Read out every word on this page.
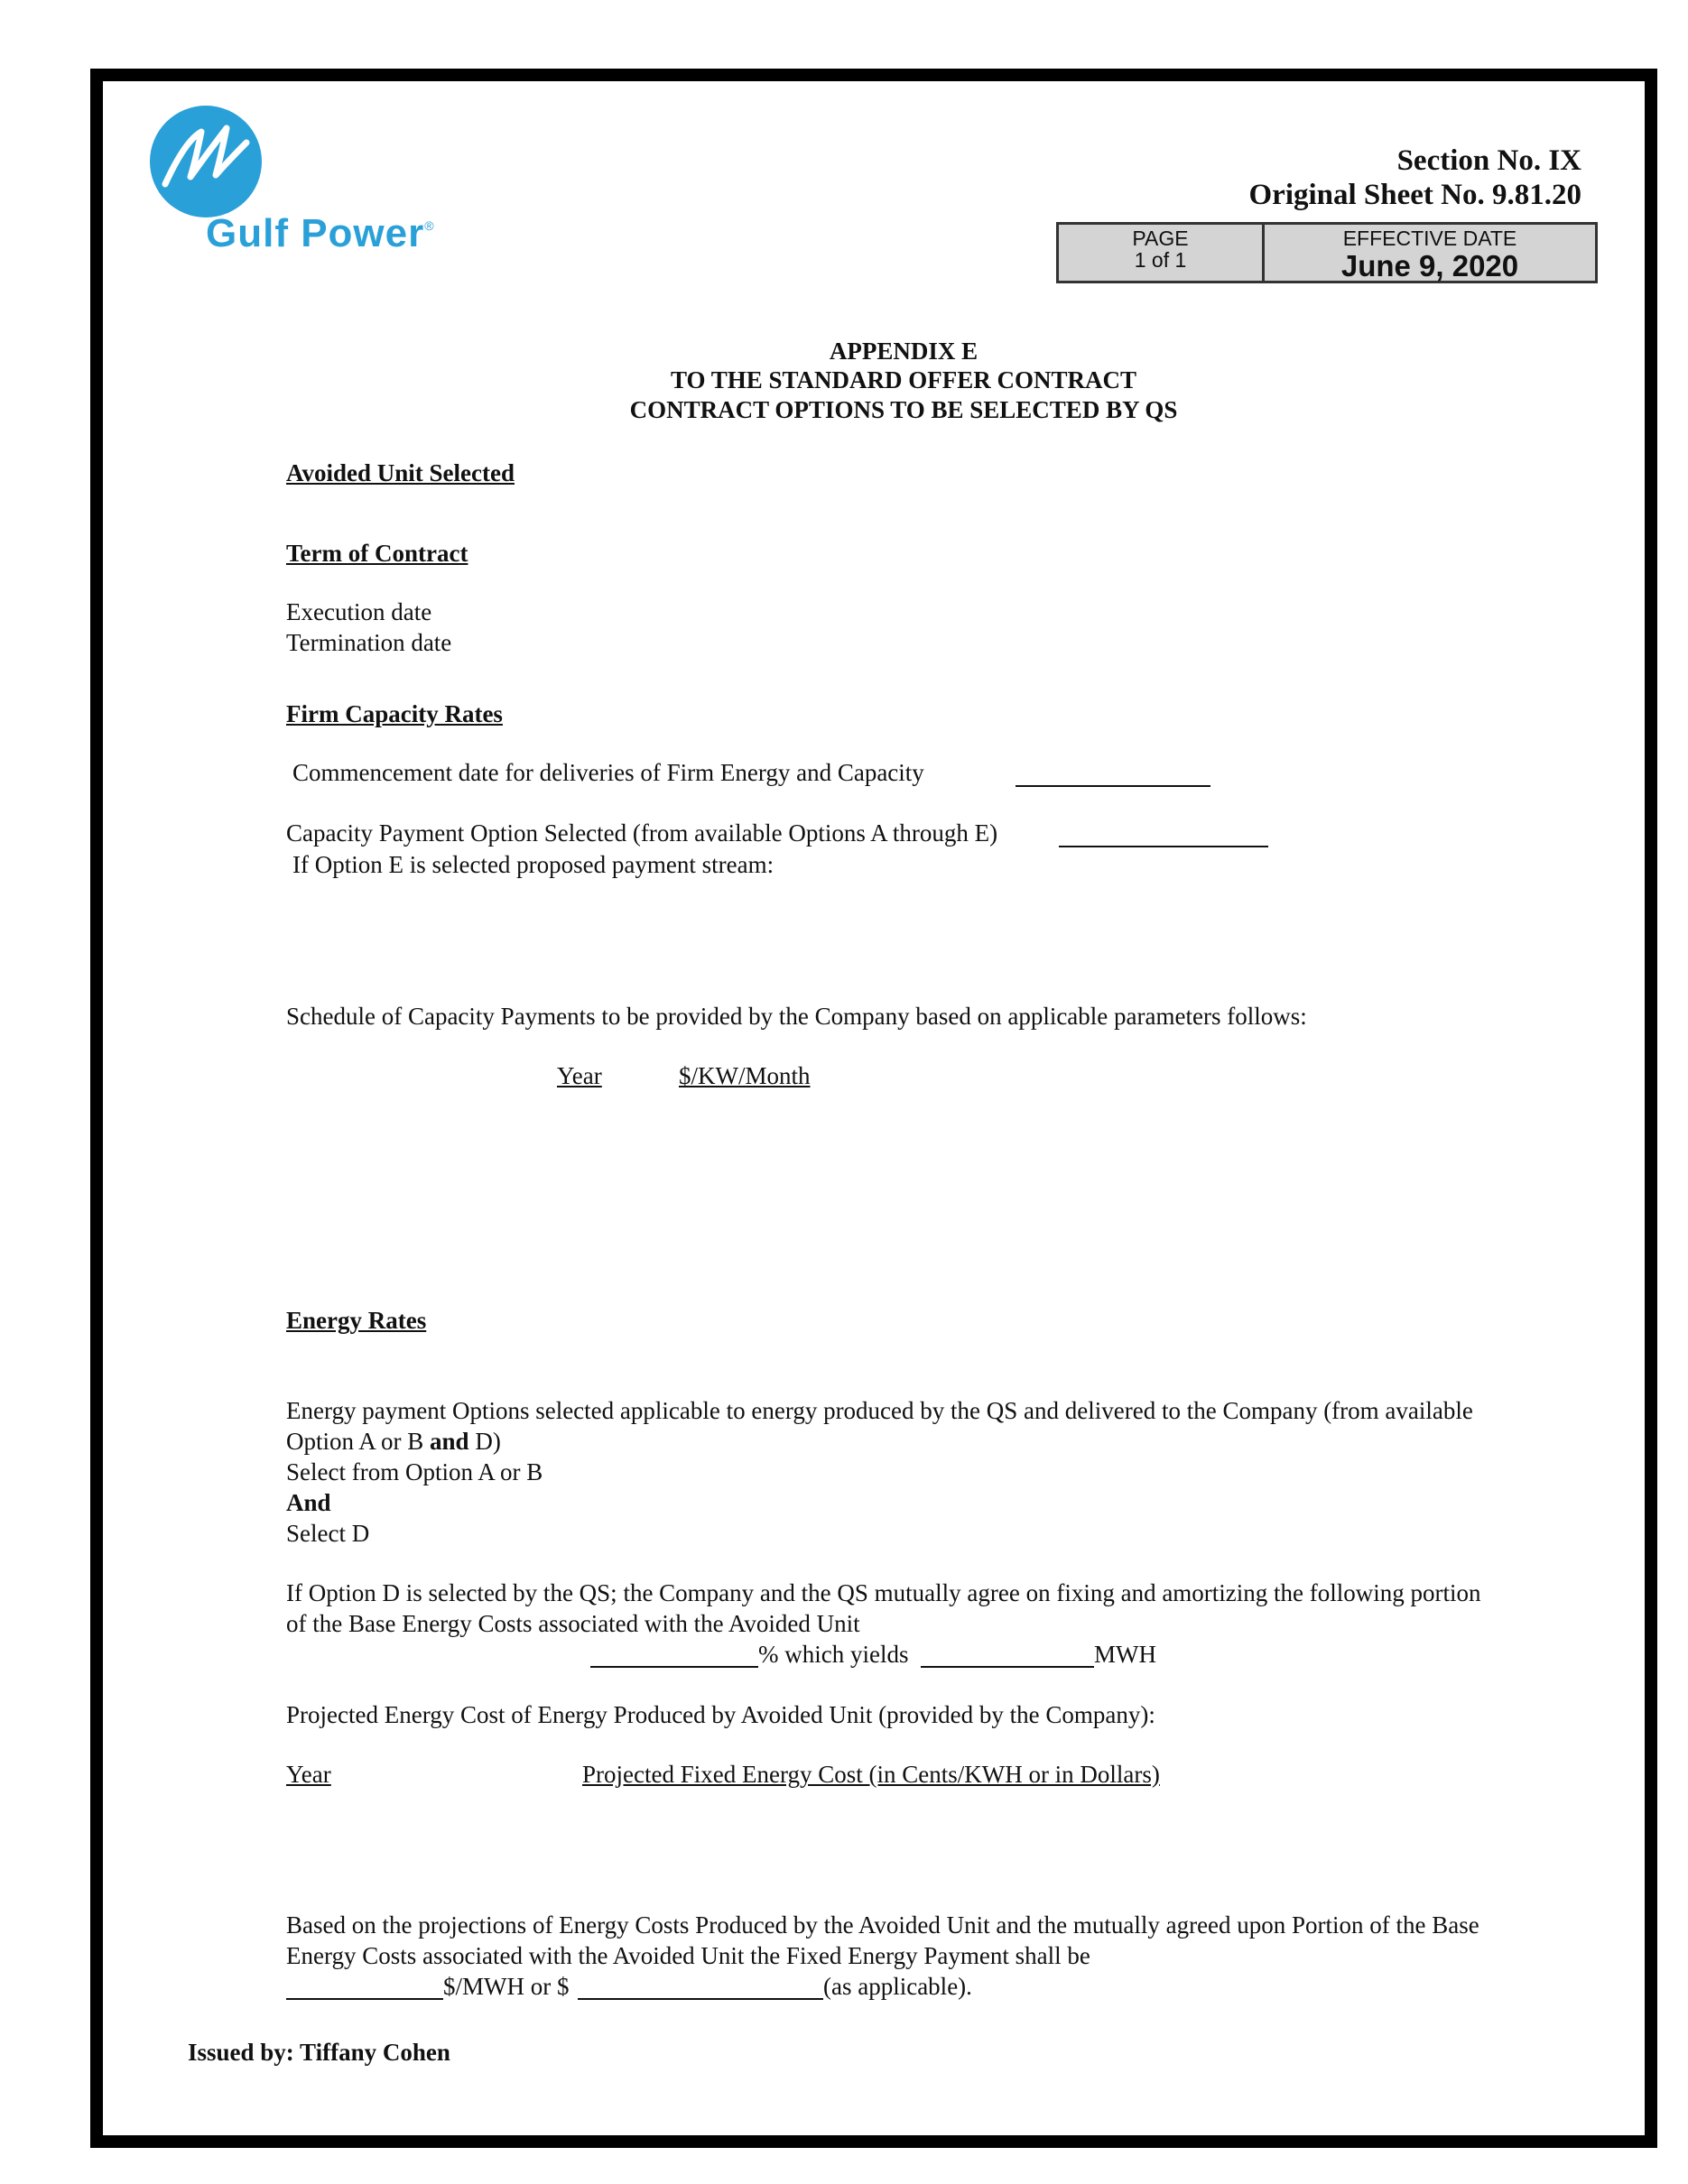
Gulf Power®
Section No. IX
Original Sheet No. 9.81.20
PAGE
1 of 1
EFFECTIVE DATE
June 9, 2020
APPENDIX E
TO THE STANDARD OFFER CONTRACT
CONTRACT OPTIONS TO BE SELECTED BY QS
Avoided Unit Selected
Term of Contract
Execution date
Termination date
Firm Capacity Rates
Commencement date for deliveries of Firm Energy and Capacity
Capacity Payment Option Selected (from available Options A through E)
If Option E is selected proposed payment stream:
Schedule of Capacity Payments to be provided by the Company based on applicable parameters follows:
Year	$/KW/Month
Energy Rates
Energy payment Options selected applicable to energy produced by the QS and delivered to the Company (from available
Option A or B and D)
Select from Option A or B
And
Select D
If Option D is selected by the QS; the Company and the QS mutually agree on fixing and amortizing the following portion
of the Base Energy Costs associated with the Avoided Unit
% which yields	MWH
Projected Energy Cost of Energy Produced by Avoided Unit (provided by the Company):
Year	Projected Fixed Energy Cost (in Cents/KWH or in Dollars)
Based on the projections of Energy Costs Produced by the Avoided Unit and the mutually agreed upon Portion of the Base
Energy Costs associated with the Avoided Unit the Fixed Energy Payment shall be
$/MWH or $	(as applicable).
Issued by: Tiffany Cohen
